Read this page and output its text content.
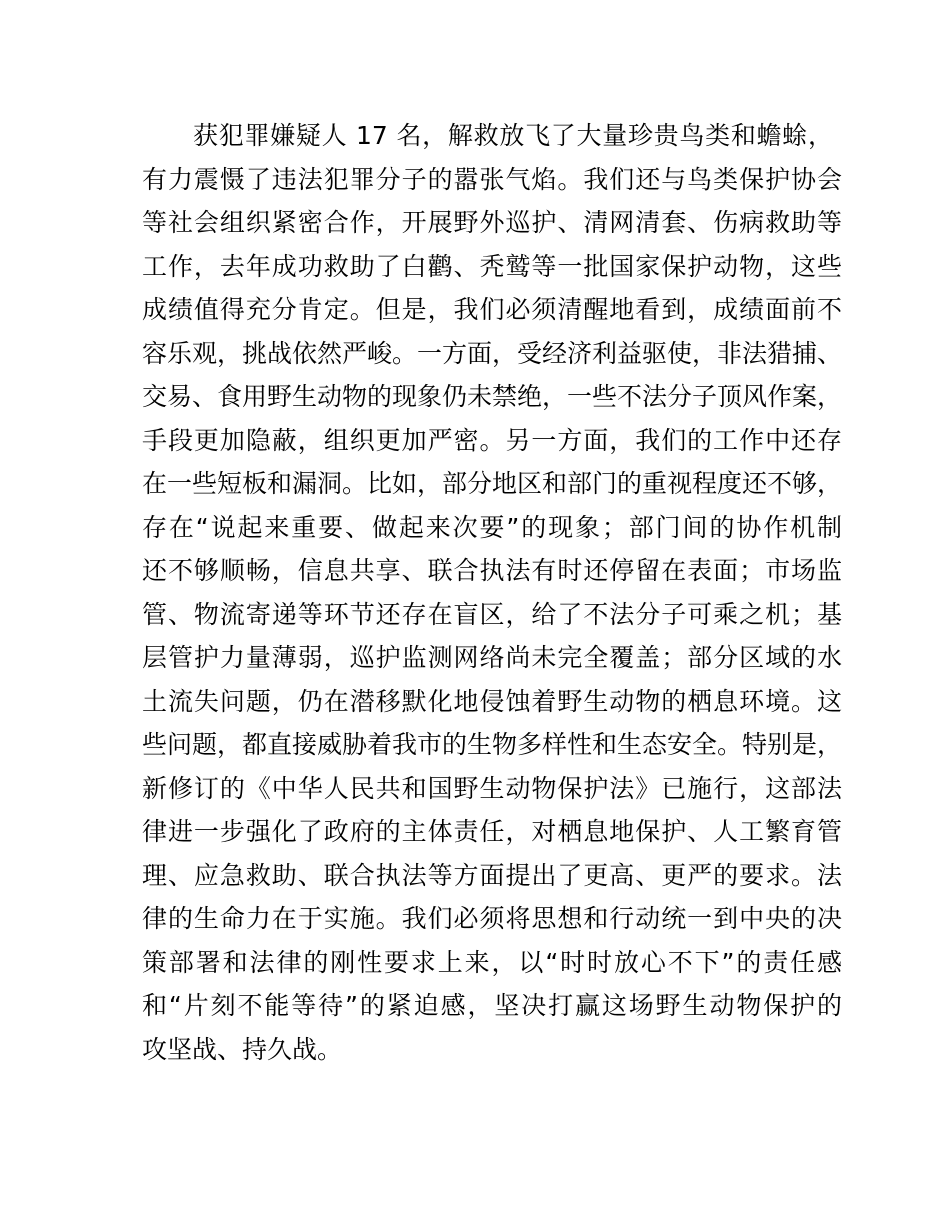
获犯罪嫌疑人 17 名，解救放飞了大量珍贵鸟类和蟾蜍，
有力震慑了违法犯罪分子的嚣张气焰。我们还与鸟类保护协会
等社会组织紧密合作，开展野外巡护、清网清套、伤病救助等
工作，去年成功救助了白鹳、秃鹫等一批国家保护动物，这些
成绩值得充分肯定。但是，我们必须清醒地看到，成绩面前不
容乐观，挑战依然严峻。一方面，受经济利益驱使，非法猎捕、
交易、食用野生动物的现象仍未禁绝，一些不法分子顶风作案，
手段更加隐蔽，组织更加严密。另一方面，我们的工作中还存
在一些短板和漏洞。比如，部分地区和部门的重视程度还不够，
存在“说起来重要、做起来次要”的现象；部门间的协作机制
还不够顺畅，信息共享、联合执法有时还停留在表面；市场监
管、物流寄递等环节还存在盲区，给了不法分子可乘之机；基
层管护力量薄弱，巡护监测网络尚未完全覆盖；部分区域的水
土流失问题，仍在潜移默化地侵蚀着野生动物的栖息环境。这
些问题，都直接威胁着我市的生物多样性和生态安全。特别是，
新修订的《中华人民共和国野生动物保护法》已施行，这部法
律进一步强化了政府的主体责任，对栖息地保护、人工繁育管
理、应急救助、联合执法等方面提出了更高、更严的要求。法
律的生命力在于实施。我们必须将思想和行动统一到中央的决
策部署和法律的刚性要求上来，以“时时放心不下”的责任感
和“片刻不能等待”的紧迫感，坚决打赢这场野生动物保护的
攻坚战、持久战。
